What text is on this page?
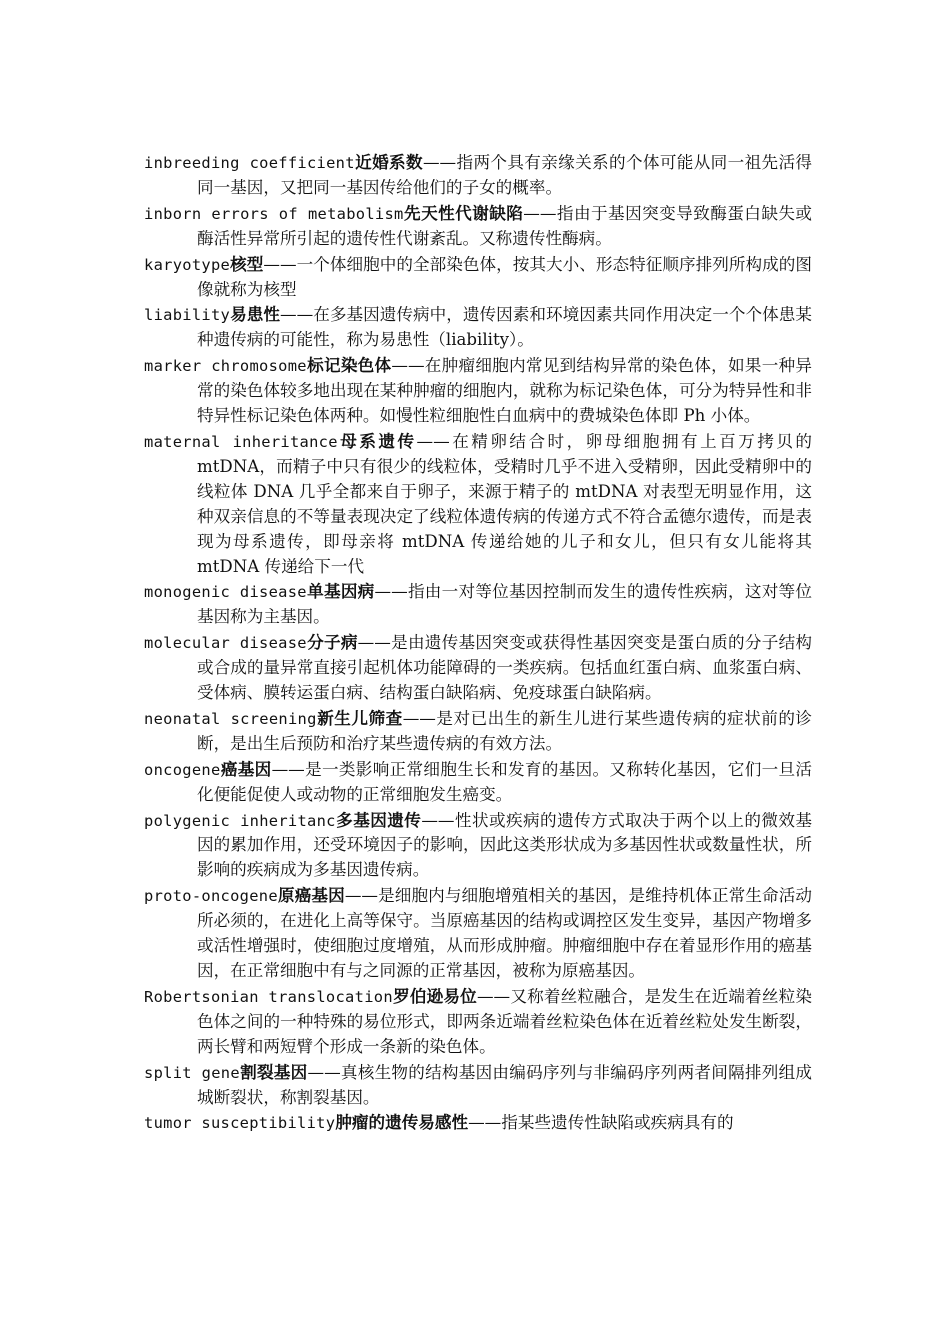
inbreeding coefficient近婚系数——指两个具有亲缘关系的个体可能从同一祖先活得同一基因，又把同一基因传给他们的子女的概率。

inborn errors of metabolism先天性代谢缺陷——指由于基因突变导致酶蛋白缺失或酶活性异常所引起的遗传性代谢紊乱。又称遗传性酶病。

karyotype核型——一个体细胞中的全部染色体，按其大小、形态特征顺序排列所构成的图像就称为核型

liability易患性——在多基因遗传病中，遗传因素和环境因素共同作用决定一个个体患某种遗传病的可能性，称为易患性（liability）。

marker chromosome标记染色体——在肿瘤细胞内常见到结构异常的染色体，如果一种异常的染色体较多地出现在某种肿瘤的细胞内，就称为标记染色体，可分为特异性和非特异性标记染色体两种。如慢性粒细胞性白血病中的费城染色体即 Ph 小体。

maternal inheritance母系遗传——在精卵结合时，卵母细胞拥有上百万拷贝的 mtDNA，而精子中只有很少的线粒体，受精时几乎不进入受精卵，因此受精卵中的线粒体 DNA 几乎全都来自于卵子，来源于精子的 mtDNA 对表型无明显作用，这种双亲信息的不等量表现决定了线粒体遗传病的传递方式不符合孟德尔遗传，而是表现为母系遗传，即母亲将 mtDNA 传递给她的儿子和女儿，但只有女儿能将其 mtDNA 传递给下一代

monogenic disease单基因病——指由一对等位基因控制而发生的遗传性疾病，这对等位基因称为主基因。

molecular disease分子病——是由遗传基因突变或获得性基因突变是蛋白质的分子结构或合成的量异常直接引起机体功能障碍的一类疾病。包括血红蛋白病、血浆蛋白病、受体病、膜转运蛋白病、结构蛋白缺陷病、免疫球蛋白缺陷病。

neonatal screening新生儿筛查——是对已出生的新生儿进行某些遗传病的症状前的诊断，是出生后预防和治疗某些遗传病的有效方法。

oncogene癌基因——是一类影响正常细胞生长和发育的基因。又称转化基因，它们一旦活化便能促使人或动物的正常细胞发生癌变。

polygenic inheritanc多基因遗传——性状或疾病的遗传方式取决于两个以上的微效基因的累加作用，还受环境因子的影响，因此这类形状成为多基因性状或数量性状，所影响的疾病成为多基因遗传病。

proto-oncogene原癌基因——是细胞内与细胞增殖相关的基因，是维持机体正常生命活动所必须的，在进化上高等保守。当原癌基因的结构或调控区发生变异，基因产物增多或活性增强时，使细胞过度增殖，从而形成肿瘤。肿瘤细胞中存在着显形作用的癌基因，在正常细胞中有与之同源的正常基因，被称为原癌基因。

Robertsonian translocation罗伯逊易位——又称着丝粒融合，是发生在近端着丝粒染色体之间的一种特殊的易位形式，即两条近端着丝粒染色体在近着丝粒处发生断裂，两长臂和两短臂个形成一条新的染色体。

split gene割裂基因——真核生物的结构基因由编码序列与非编码序列两者间隔排列组成城断裂状，称割裂基因。

tumor susceptibility肿瘤的遗传易感性——指某些遗传性缺陷或疾病具有的
